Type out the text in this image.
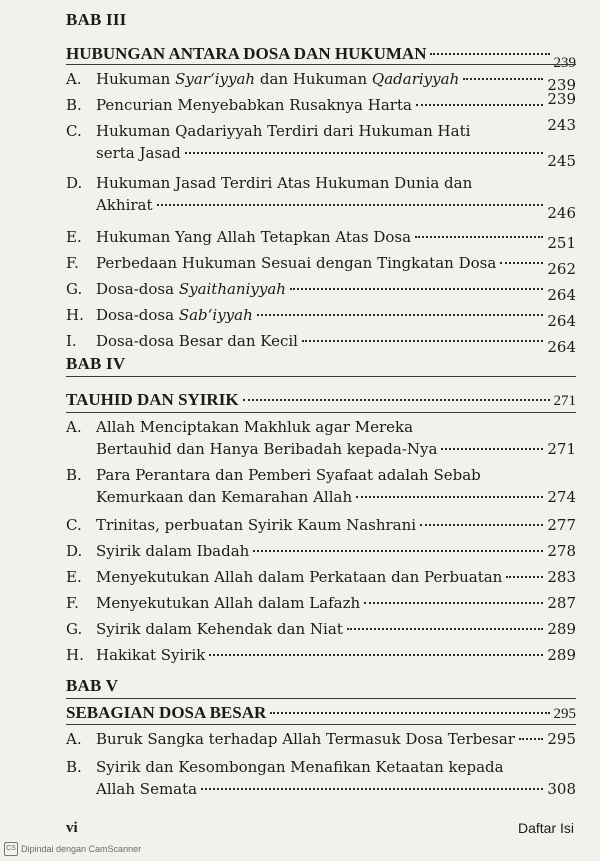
BAB III
HUBUNGAN ANTARA DOSA DAN HUKUMAN	239
A. Hukuman Syar‘iyyah dan Hukuman Qadariyyah	239
B. Pencurian Menyebabkan Rusaknya Harta	239
C. Hukuman Qadariyyah Terdiri dari Hukuman Hati	243
serta Jasad	245
D. Hukuman Jasad Terdiri Atas Hukuman Dunia dan
Akhirat	246
E. Hukuman Yang Allah Tetapkan Atas Dosa	251
F. Perbedaan Hukuman Sesuai dengan Tingkatan Dosa	262
G. Dosa-dosa Syaithaniyyah	264
H. Dosa-dosa Sab‘iyyah	264
I. Dosa-dosa Besar dan Kecil	264
BAB IV
TAUHID DAN SYIRIK	271
A. Allah Menciptakan Makhluk agar Mereka
Bertauhid dan Hanya Beribadah kepada-Nya	271
B. Para Perantara dan Pemberi Syafaat adalah Sebab
Kemurkaan dan Kemarahan Allah	274
C. Trinitas, perbuatan Syirik Kaum Nashrani	277
D. Syirik dalam Ibadah	278
E. Menyekutukan Allah dalam Perkataan dan Perbuatan	283
F. Menyekutukan Allah dalam Lafazh	287
G. Syirik dalam Kehendak dan Niat	289
H. Hakikat Syirik	289
BAB V
SEBAGIAN DOSA BESAR	295
A. Buruk Sangka terhadap Allah Termasuk Dosa Terbesar 295
B. Syirik dan Kesombongan Menafikan Ketaatan kepada
Allah Semata	308
vi	Daftar Isi
CS Dipindai dengan CamScanner
